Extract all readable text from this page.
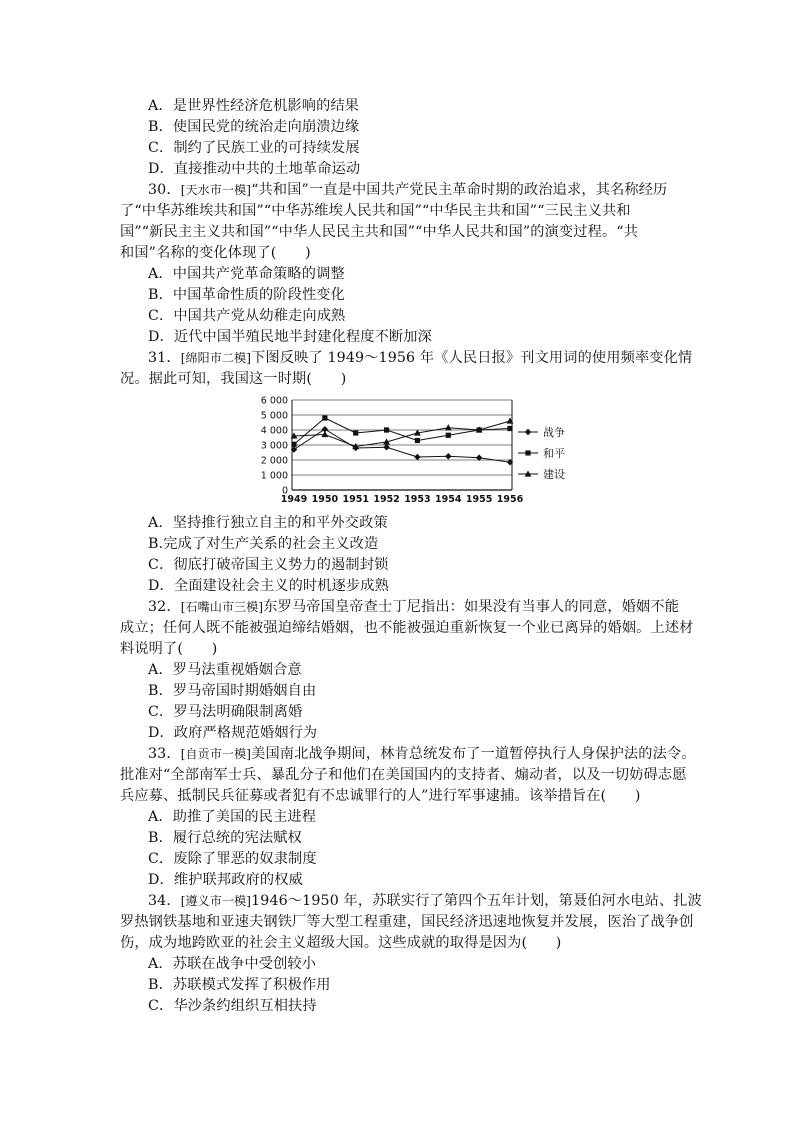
A．是世界性经济危机影响的结果
B．使国民党的统治走向崩溃边缘
C．制约了民族工业的可持续发展
D．直接推动中共的土地革命运动
30．[天水市一模]“共和国”一直是中国共产党民主革命时期的政治追求，其名称经历
了“中华苏维埃共和国”“中华苏维埃人民共和国”“中华民主共和国”“三民主义共和
国”“新民主主义共和国”“中华人民民主共和国”“中华人民共和国”的演变过程。“共
和国”名称的变化体现了(　　)
A．中国共产党革命策略的调整
B．中国革命性质的阶段性变化
C．中国共产党从幼稚走向成熟
D．近代中国半殖民地半封建化程度不断加深
31．[绵阳市二模]下图反映了 1949～1956 年《人民日报》刊文用词的使用频率变化情
况。据此可知，我国这一时期(　　)
0
1 000
2 000
3 000
4 000
5 000
6 000
1949 1950 1951 1952 1953 1954 1955 1956
战争
和平
建设
A．坚持推行独立自主的和平外交政策
B.完成了对生产关系的社会主义改造
C．彻底打破帝国主义势力的遏制封锁
D．全面建设社会主义的时机逐步成熟
32．[石嘴山市三模]东罗马帝国皇帝查士丁尼指出：如果没有当事人的同意，婚姻不能
成立；任何人既不能被强迫缔结婚姻，也不能被强迫重新恢复一个业已离异的婚姻。上述材
料说明了(　　)
A．罗马法重视婚姻合意
B．罗马帝国时期婚姻自由
C．罗马法明确限制离婚
D．政府严格规范婚姻行为
33．[自贡市一模]美国南北战争期间，林肯总统发布了一道暂停执行人身保护法的法令。
批准对“全部南军士兵、暴乱分子和他们在美国国内的支持者、煽动者，以及一切妨碍志愿
兵应募、抵制民兵征募或者犯有不忠诚罪行的人”进行军事逮捕。该举措旨在(　　)
A．助推了美国的民主进程
B．履行总统的宪法赋权
C．废除了罪恶的奴隶制度
D．维护联邦政府的权威
34．[遵义市一模]1946～1950 年，苏联实行了第四个五年计划，第聂伯河水电站、扎波
罗热钢铁基地和亚速夫钢铁厂等大型工程重建，国民经济迅速地恢复并发展，医治了战争创
伤，成为地跨欧亚的社会主义超级大国。这些成就的取得是因为(　　)
A．苏联在战争中受创较小
B．苏联模式发挥了积极作用
C．华沙条约组织互相扶持
